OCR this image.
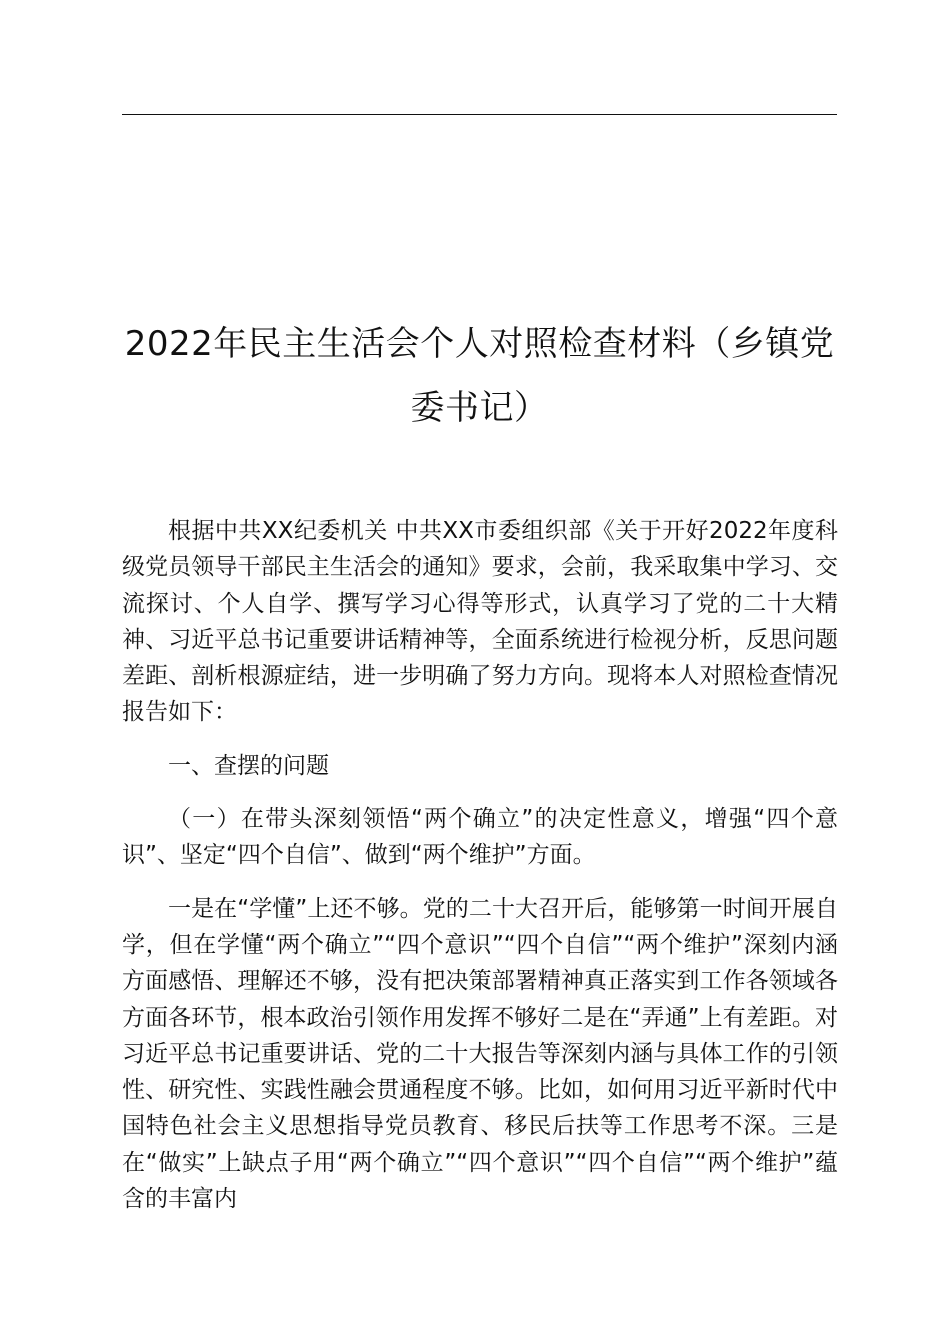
2022年民主生活会个人对照检查材料（乡镇党委书记）

根据中共XX纪委机关 中共XX市委组织部《关于开好2022年度科级党员领导干部民主生活会的通知》要求，会前，我采取集中学习、交流探讨、个人自学、撰写学习心得等形式，认真学习了党的二十大精神、习近平总书记重要讲话精神等，全面系统进行检视分析，反思问题差距、剖析根源症结，进一步明确了努力方向。现将本人对照检查情况报告如下：

一、查摆的问题

（一）在带头深刻领悟“两个确立”的决定性意义，增强“四个意识”、坚定“四个自信”、做到“两个维护”方面。

一是在“学懂”上还不够。党的二十大召开后，能够第一时间开展自学，但在学懂“两个确立”“四个意识”“四个自信”“两个维护”深刻内涵方面感悟、理解还不够，没有把决策部署精神真正落实到工作各领域各方面各环节，根本政治引领作用发挥不够好二是在“弄通”上有差距。对习近平总书记重要讲话、党的二十大报告等深刻内涵与具体工作的引领性、研究性、实践性融会贯通程度不够。比如，如何用习近平新时代中国特色社会主义思想指导党员教育、移民后扶等工作思考不深。三是在“做实”上缺点子用“两个确立”“四个意识”“四个自信”“两个维护”蕴含的丰富内
